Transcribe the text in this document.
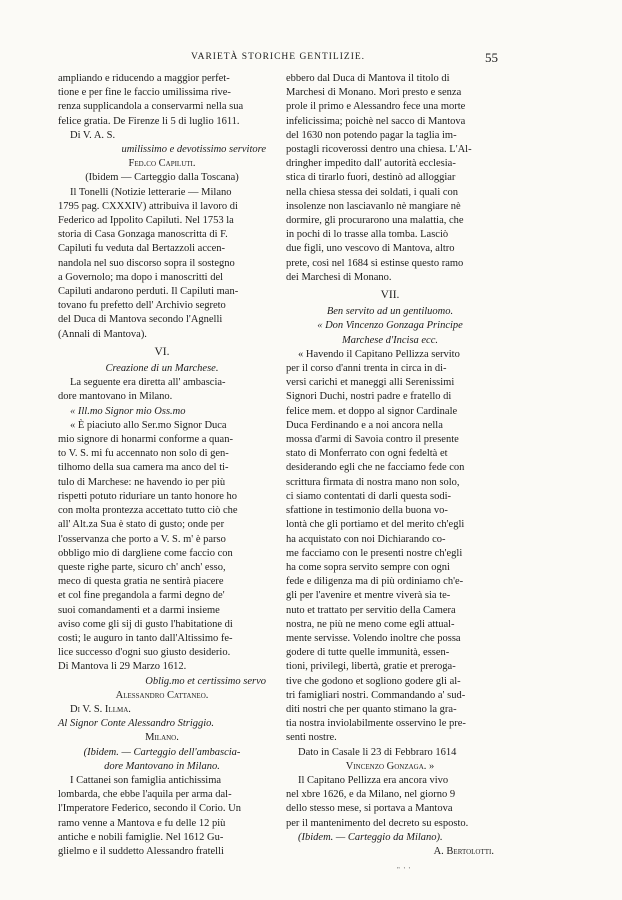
VARIETÀ STORICHE GENTILIZIE.	55

ampliando e riducendo a maggior perfet-

tione e per fine le faccio umilissima rive-

renza supplicandola a conservarmi nella sua

felice gratia. De Firenze li 5 di luglio 1611.

Di V. A. S.

umilissimo e devotissimo servitore

Fed.co Capiluti.

(Ibidem — Carteggio dalla Toscana)

Il Tonelli (Notizie letterarie — Milano

1795 pag. CXXXIV) attribuiva il lavoro di

Federico ad Ippolito Capiluti. Nel 1753 la

storia di Casa Gonzaga manoscritta di F.

Capiluti fu veduta dal Bertazzoli accen-

nandola nel suo discorso sopra il sostegno

a Governolo; ma dopo i manoscritti del

Capiluti andarono perduti. Il Capiluti man-

tovano fu prefetto dell' Archivio segreto

del Duca di Mantova secondo l'Agnelli

(Annali di Mantova).

VI.

Creazione di un Marchese.

La seguente era diretta all' ambascia-

dore mantovano in Milano.

« Ill.mo Signor mio Oss.mo

« È piaciuto allo Ser.mo Signor Duca

mio signore di honarmi conforme a quan-

to V. S. mi fu accennato non solo di gen-

tilhomo della sua camera ma anco del ti-

tulo di Marchese: ne havendo io per più

rispetti potuto riduriare un tanto honore ho

con molta prontezza accettato tutto ciò che

all' Alt.za Sua è stato di gusto; onde per

l'osservanza che porto a V. S. m' è parso

obbligo mio di dargliene come faccio con

queste righe parte, sicuro ch' anch' esso,

meco di questa gratia ne sentirà piacere

et col fine pregandola a farmi degno de'

suoi comandamenti et a darmi insieme

aviso come gli sij di gusto l'habitatione di

costì; le auguro in tanto dall'Altissimo fe-

lice successo d'ogni suo giusto desiderio.

Di Mantova li 29 Marzo 1612.

Oblig.mo et certissimo servo

Alessandro Cattaneo.

Di V. S. Illma.

Al Signor Conte Alessandro Striggio.

Milano.

(Ibidem. — Carteggio dell'ambascia-

dore Mantovano in Milano.

I Cattanei son famiglia antichissima

lombarda, che ebbe l'aquila per arma dal-

l'Imperatore Federico, secondo il Corio. Un

ramo venne a Mantova e fu delle 12 più

antiche e nobili famiglie. Nel 1612 Gu-

glielmo e il suddetto Alessandro fratelli

ebbero dal Duca di Mantova il titolo di

Marchesi di Monano. Morì presto e senza

prole il primo e Alessandro fece una morte

infelicissima; poichè nel sacco di Mantova

del 1630 non potendo pagar la taglia im-

postagli ricoverossi dentro una chiesa. L'Al-

dringher impedito dall' autorità ecclesia-

stica di tirarlo fuori, destinò ad alloggiar

nella chiesa stessa dei soldati, i quali con

insolenze non lasciavanlo nè mangiare nè

dormire, gli procurarono una malattia, che

in pochi di lo trasse alla tomba. Lasciò

due figli, uno vescovo di Mantova, altro

prete, così nel 1684 si estinse questo ramo

dei Marchesi di Monano.

VII.

Ben servito ad un gentiluomo.

« Don Vincenzo Gonzaga Principe

Marchese d'Incisa ecc.

« Havendo il Capitano Pellizza servito

per il corso d'anni trenta in circa in di-

versi carichi et maneggi alli Serenissimi

Signori Duchi, nostri padre e fratello di

felice mem. et doppo al signor Cardinale

Duca Ferdinando e a noi ancora nella

mossa d'armi di Savoia contro il presente

stato di Monferrato con ogni fedeltà et

desiderando egli che ne facciamo fede con

scrittura firmata di nostra mano non solo,

ci siamo contentati di darli questa sodi-

sfattione in testimonio della buona vo-

lontà che gli portiamo et del merito ch'egli

ha acquistato con noi Dichiarando co-

me facciamo con le presenti nostre ch'egli

ha come sopra servito sempre con ogni

fede e diligenza ma di più ordiniamo ch'e-

gli per l'avenire et mentre viverà sia te-

nuto et trattato per servitio della Camera

nostra, ne più ne meno come egli attual-

mente servisse. Volendo inoltre che possa

godere di tutte quelle immunità, essen-

tioni, privilegi, libertà, gratie et preroga-

tive che godono et sogliono godere gli al-

tri famigliari nostri. Commandando a' sud-

diti nostri che per quanto stimano la gra-

tia nostra inviolabilmente osservino le pre-

senti nostre.

Dato in Casale li 23 di Febbraro 1614

Vincenzo Gonzaga. »

Il Capitano Pellizza era ancora vivo

nel xbre 1626, e da Milano, nel giorno 9

dello stesso mese, si portava a Mantova

per il mantenimento del decreto su esposto.

(Ibidem. — Carteggio da Milano).

A. Bertolotti.

" ' '
